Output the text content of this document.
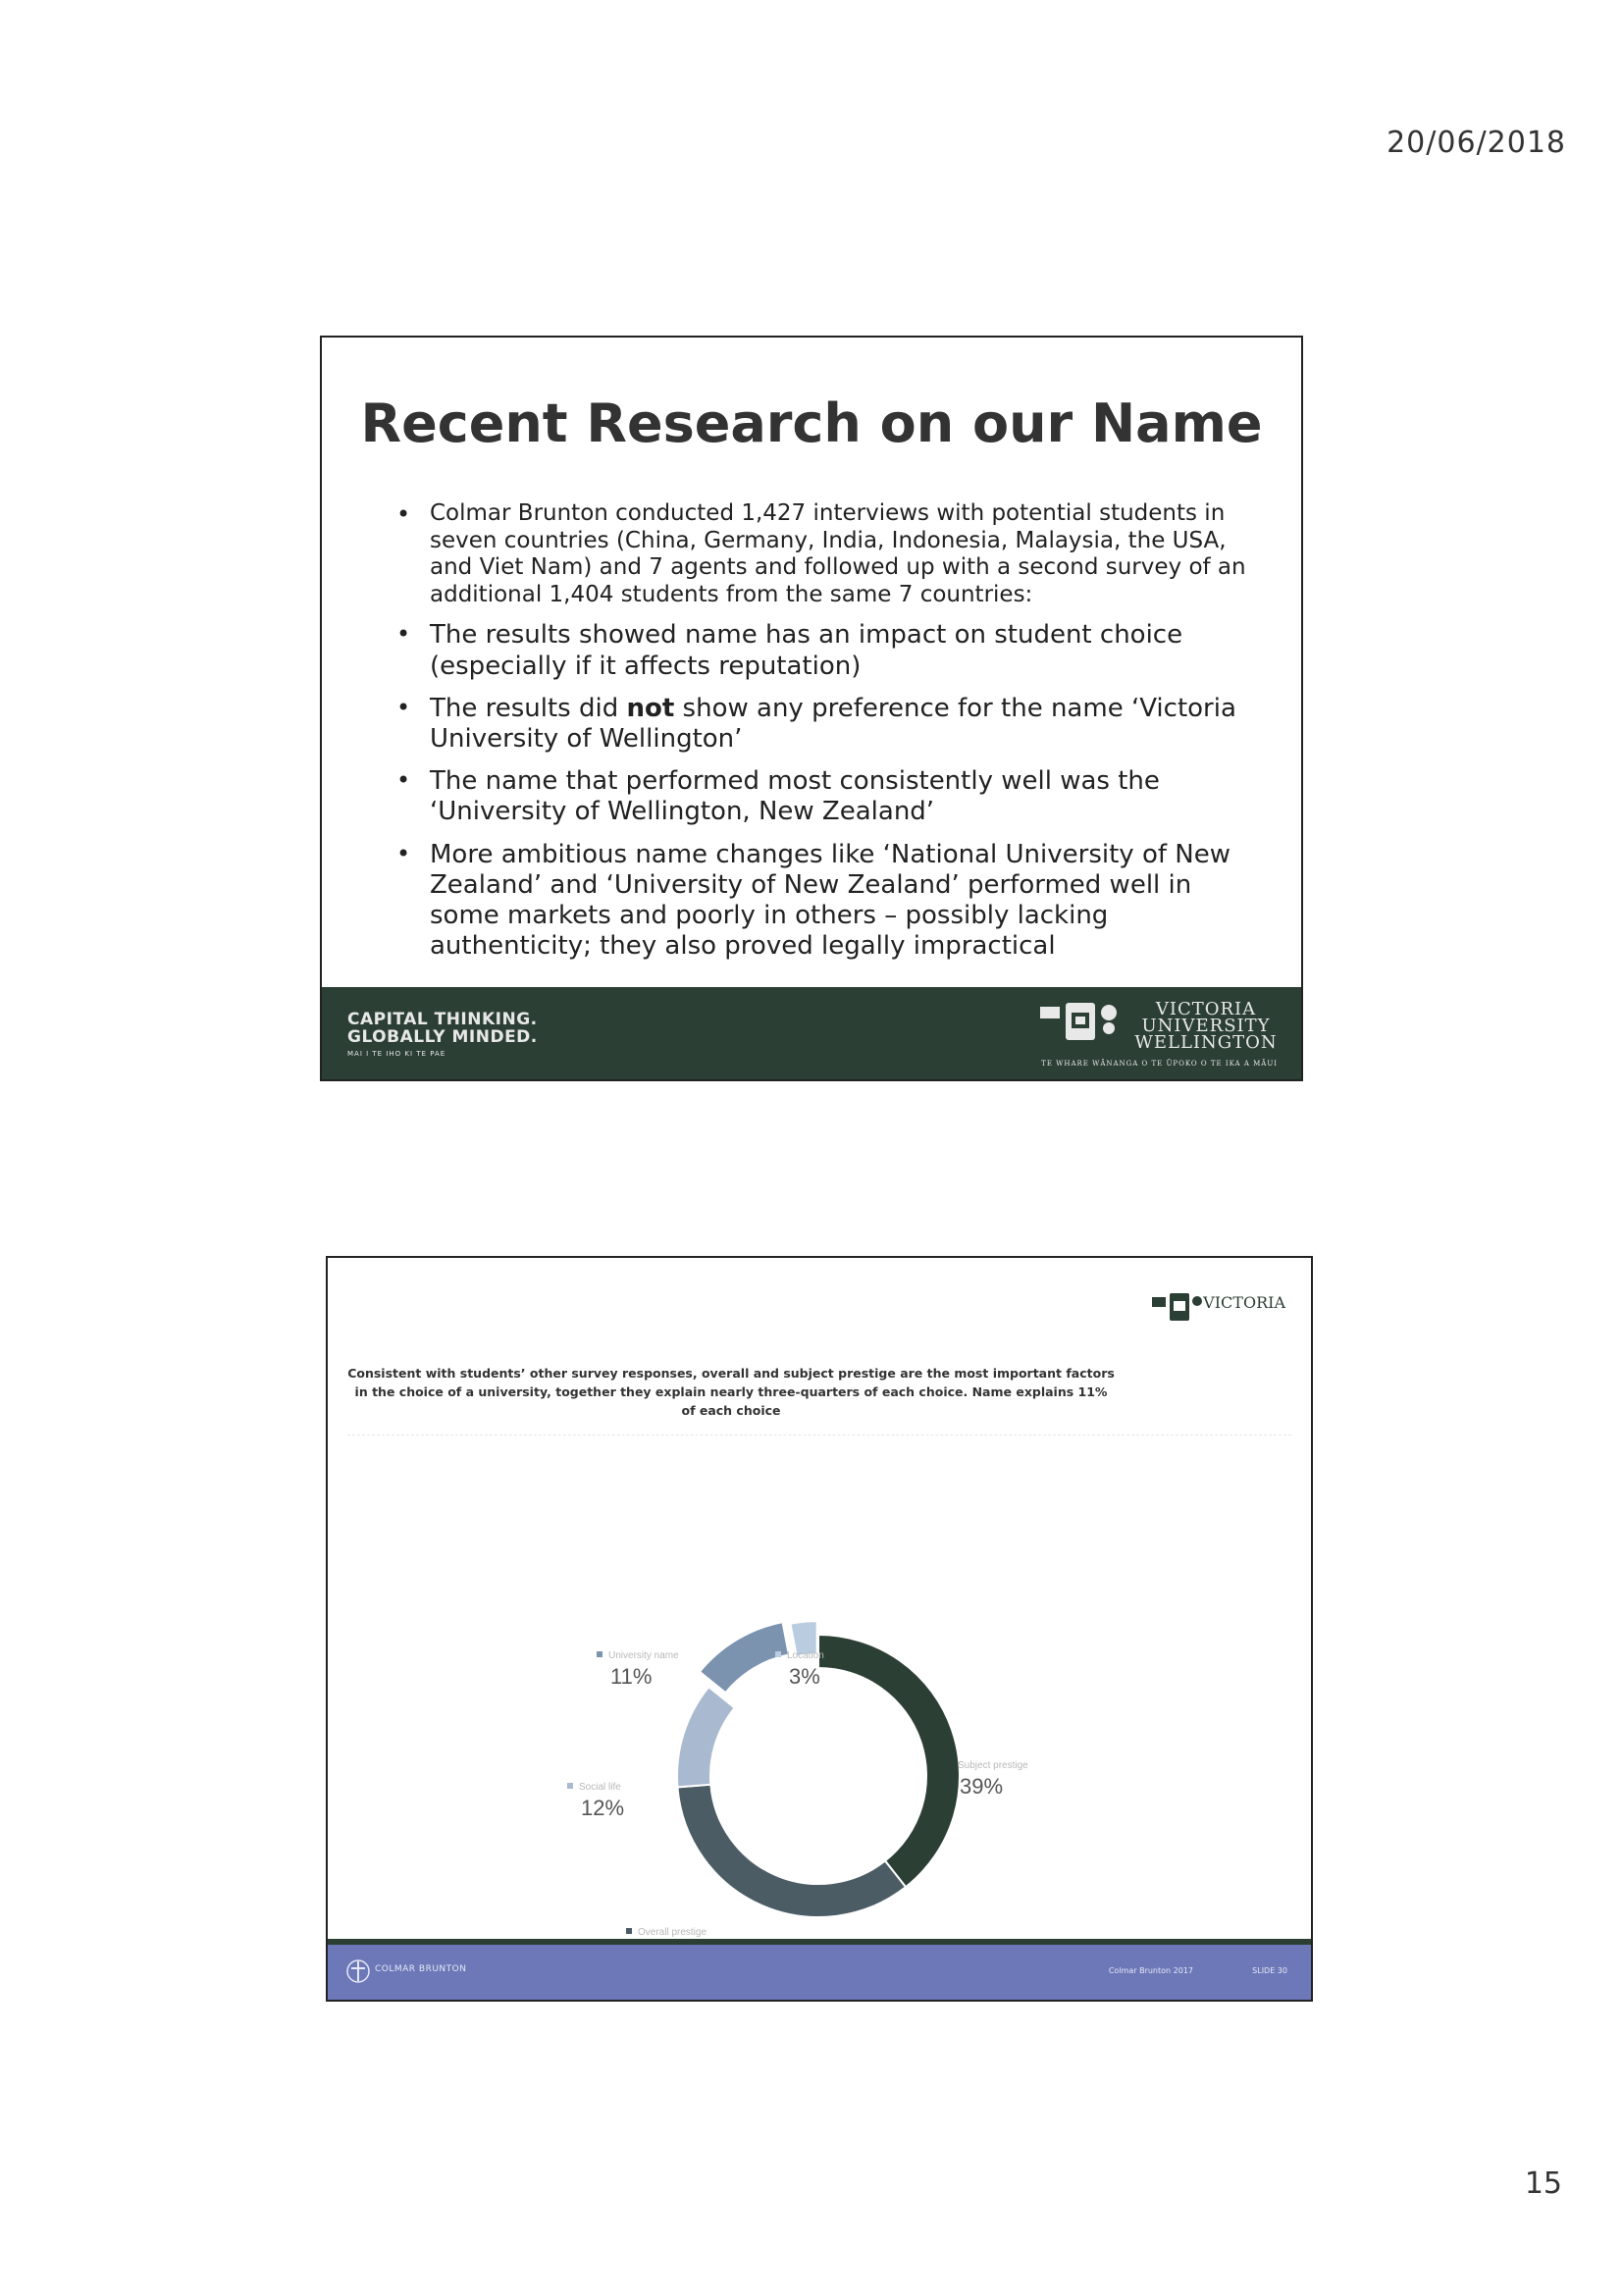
20/06/2018
Recent Research on our Name
• Colmar Brunton conducted 1,427 interviews with potential students in seven countries (China, Germany, India, Indonesia, Malaysia, the USA, and Viet Nam) and 7 agents and followed up with a second survey of an additional 1,404 students from the same 7 countries:
• The results showed name has an impact on student choice (especially if it affects reputation)
• The results did not show any preference for the name ‘Victoria University of Wellington’
• The name that performed most consistently well was the ‘University of Wellington, New Zealand’
• More ambitious name changes like ‘National University of New Zealand’ and ‘University of New Zealand’ performed well in some markets and poorly in others – possibly lacking authenticity; they also proved legally impractical
CAPITAL THINKING.
GLOBALLY MINDED.
MAI I TE IHO KI TE PAE
VICTORIA
UNIVERSITY
WELLINGTON
TE WHARE WĀNANGA O TE ŪPOKO O TE IKA A MĀUI
VICTORIA
Consistent with students’ other survey responses, overall and subject prestige are the most important factors in the choice of a university, together they explain nearly three-quarters of each choice. Name explains 11% of each choice
Subject prestige
39%
Overall prestige
Social life
12%
University name
11%
Location
3%
COLMAR BRUNTON	Colmar Brunton 2017	SLIDE 30
15
